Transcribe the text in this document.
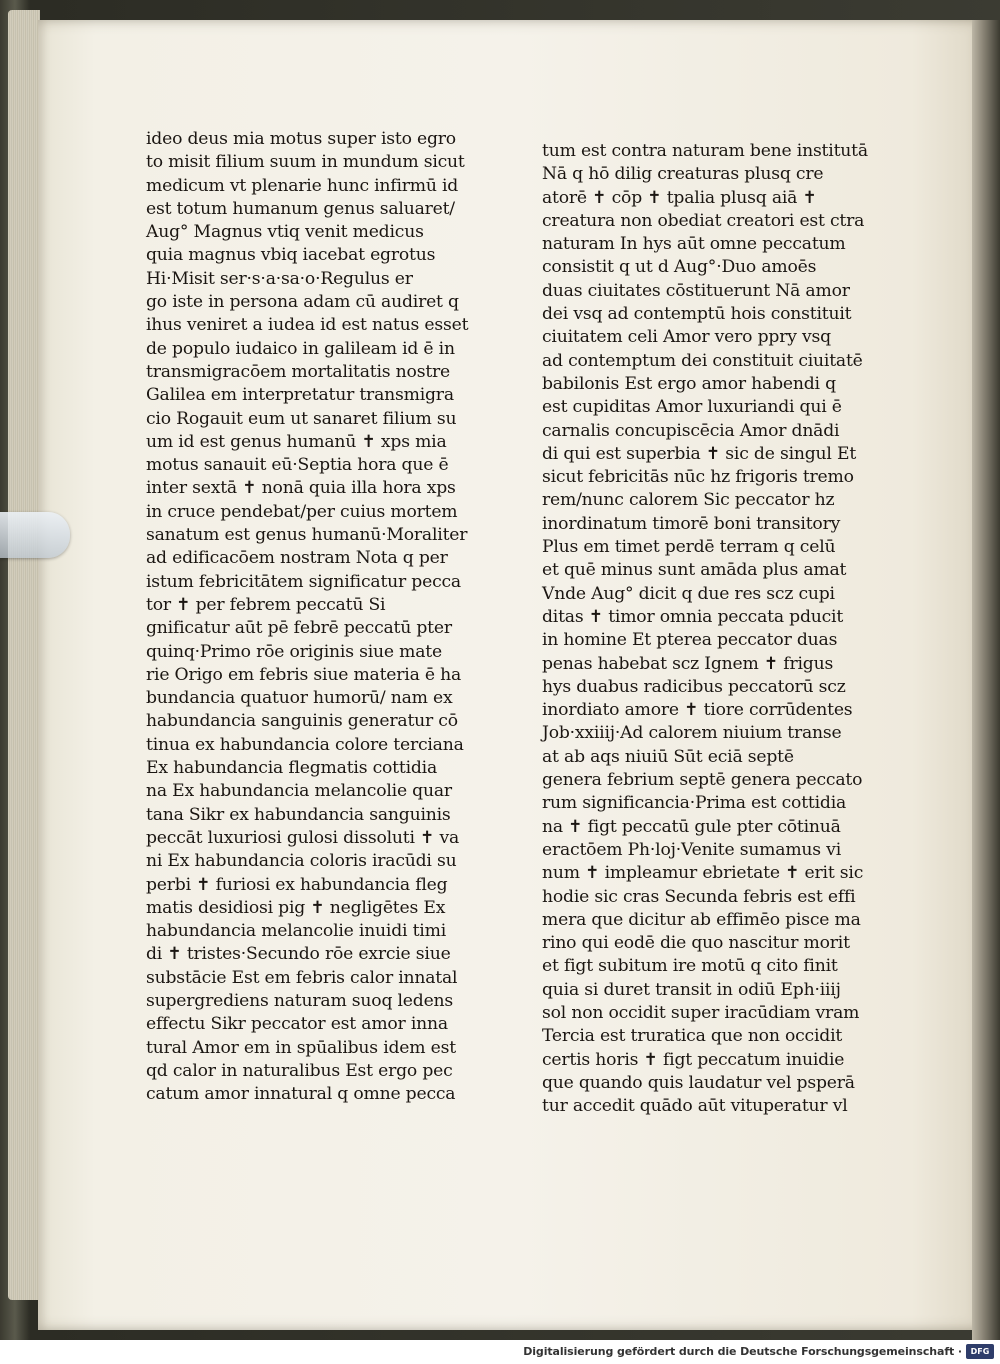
ideo deus mia motus super isto egro
to misit filium suum in mundum sicut
medicum vt plenarie hunc infirmū id
est totum humanum genus saluaret/
Aug° Magnus vtiq venit medicus
quia magnus vbiq iacebat egrotus
Hi·Misit ser·s·a·sa·o·Regulus er
go iste in persona adam cū audiret q
ihus veniret a iudea id est natus esset
de populo iudaico in galileam id ē in
transmigracōem mortalitatis nostre
Galilea em interpretatur transmigra
cio Rogauit eum ut sanaret filium su
um id est genus humanū ✝ xps mia
motus sanauit eū·Septia hora que ē
inter sextā ✝ nonā quia illa hora xps
in cruce pendebat/per cuius mortem
sanatum est genus humanū·Moraliter
ad edificacōem nostram Nota q per
istum febricitātem significatur pecca
tor ✝ per febrem peccatū Si
gnificatur aūt pē febrē peccatū pter
quinq·Primo rōe originis siue mate
rie Origo em febris siue materia ē ha
bundancia quatuor humorū/ nam ex
habundancia sanguinis generatur cō
tinua ex habundancia colore terciana
Ex habundancia flegmatis cottidia
na Ex habundancia melancolie quar
tana Sikr ex habundancia sanguinis
peccāt luxuriosi gulosi dissoluti ✝ va
ni Ex habundancia coloris iracūdi su
perbi ✝ furiosi ex habundancia fleg
matis desidiosi pig ✝ negligētes Ex
habundancia melancolie inuidi timi
di ✝ tristes·Secundo rōe exrcie siue
substācie Est em febris calor innatal
supergrediens naturam suoq ledens
effectu Sikr peccator est amor inna
tural Amor em in spūalibus idem est
qd calor in naturalibus Est ergo pec
catum amor innatural q omne pecca
tum est contra naturam bene institutā
Nā q hō dilig creaturas plusq cre
atorē ✝ cōp ✝ tpalia plusq aiā ✝
creatura non obediat creatori est ctra
naturam In hys aūt omne peccatum
consistit q ut d Aug°·Duo amoēs
duas ciuitates cōstituerunt Nā amor
dei vsq ad contemptū hois constituit
ciuitatem celi Amor vero ppry vsq
ad contemptum dei constituit ciuitatē
babilonis Est ergo amor habendi q
est cupiditas Amor luxuriandi qui ē
carnalis concupiscēcia Amor dnādi
di qui est superbia ✝ sic de singul Et
sicut febricitās nūc hz frigoris tremo
rem/nunc calorem Sic peccator hz
inordinatum timorē boni transitory
Plus em timet perdē terram q celū
et quē minus sunt amāda plus amat
Vnde Aug° dicit q due res scz cupi
ditas ✝ timor omnia peccata pducit
in homine Et pterea peccator duas
penas habebat scz Ignem ✝ frigus
hys duabus radicibus peccatorū scz
inordiato amore ✝ tiore corrūdentes
Job·xxiiij·Ad calorem niuium transe
at ab aqs niuiū Sūt eciā septē
genera febrium septē genera peccato
rum significancia·Prima est cottidia
na ✝ figt peccatū gule pter cōtinuā
eractōem Ph·loj·Venite sumamus vi
num ✝ impleamur ebrietate ✝ erit sic
hodie sic cras Secunda febris est effi
mera que dicitur ab effimēo pisce ma
rino qui eodē die quo nascitur morit
et figt subitum ire motū q cito finit
quia si duret transit in odiū Eph·iiij
sol non occidit super iracūdiam vram
Tercia est truratica que non occidit
certis horis ✝ figt peccatum inuidie
que quando quis laudatur vel psperā
tur accedit quādo aūt vituperatur vl
Digitalisierung gefördert durch die Deutsche Forschungsgemeinschaft ·	DFG
